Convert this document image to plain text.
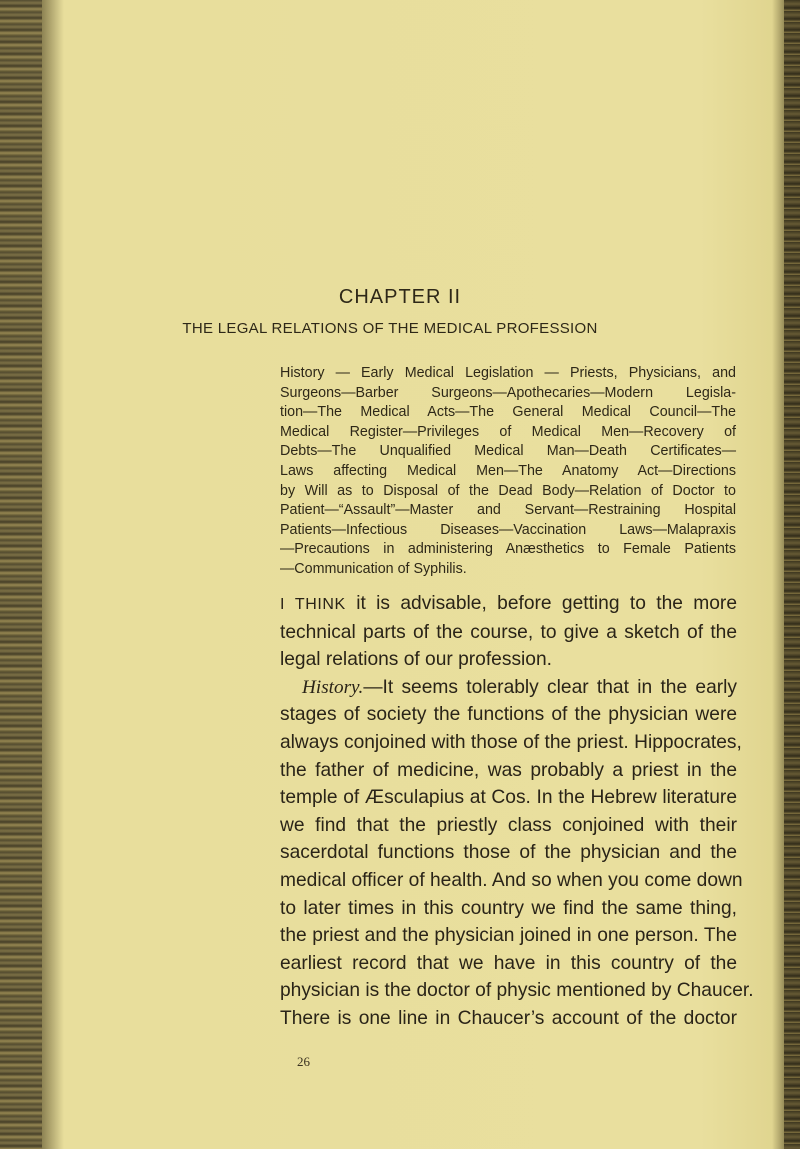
CHAPTER II
THE LEGAL RELATIONS OF THE MEDICAL PROFESSION
History — Early Medical Legislation — Priests, Physicians, and
Surgeons—Barber Surgeons—Apothecaries—Modern Legisla-
tion—The Medical Acts—The General Medical Council—The
Medical Register—Privileges of Medical Men—Recovery of
Debts—The Unqualified Medical Man—Death Certificates—
Laws affecting Medical Men—The Anatomy Act—Directions
by Will as to Disposal of the Dead Body—Relation of Doctor to
Patient—“Assault”—Master and Servant—Restraining Hospital
Patients—Infectious Diseases—Vaccination Laws—Malapraxis
—Precautions in administering Anæsthetics to Female Patients
—Communication of Syphilis.
I THINK it is advisable, before getting to the more
technical parts of the course, to give a sketch of the
legal relations of our profession.
History.—It seems tolerably clear that in the early
stages of society the functions of the physician were
always conjoined with those of the priest. Hippocrates,
the father of medicine, was probably a priest in the
temple of Æsculapius at Cos. In the Hebrew literature
we find that the priestly class conjoined with their
sacerdotal functions those of the physician and the
medical officer of health. And so when you come down
to later times in this country we find the same thing,
the priest and the physician joined in one person. The
earliest record that we have in this country of the
physician is the doctor of physic mentioned by Chaucer.
There is one line in Chaucer’s account of the doctor
26
